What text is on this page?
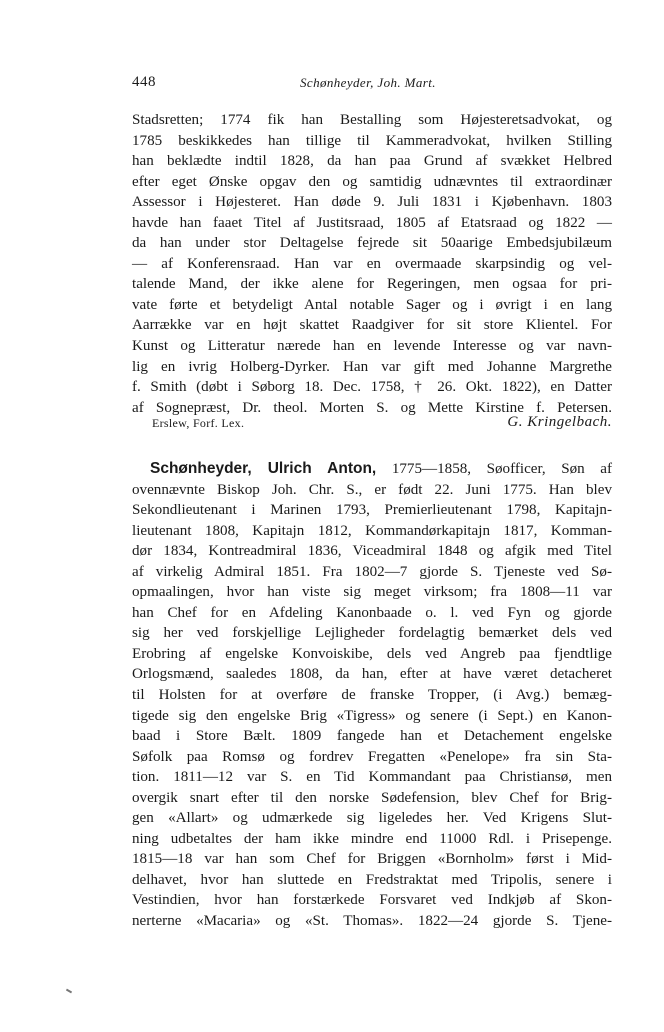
448	Schønheyder, Joh. Mart.
Stadsretten; 1774 fik han Bestalling som Højesteretsadvokat, og
1785 beskikkedes han tillige til Kammeradvokat, hvilken Stilling
han beklædte indtil 1828, da han paa Grund af svækket Helbred
efter eget Ønske opgav den og samtidig udnævntes til extraordinær
Assessor i Højesteret. Han døde 9. Juli 1831 i Kjøbenhavn. 1803
havde han faaet Titel af Justitsraad, 1805 af Etatsraad og 1822 —
da han under stor Deltagelse fejrede sit 50aarige Embedsjubilæum
— af Konferensraad. Han var en overmaade skarpsindig og vel-
talende Mand, der ikke alene for Regeringen, men ogsaa for pri-
vate førte et betydeligt Antal notable Sager og i øvrigt i en lang
Aarrække var en højt skattet Raadgiver for sit store Klientel. For
Kunst og Litteratur nærede han en levende Interesse og var navn-
lig en ivrig Holberg-Dyrker. Han var gift med Johanne Margrethe
f. Smith (døbt i Søborg 18. Dec. 1758, † 26. Okt. 1822), en Datter
af Sognepræst, Dr. theol. Morten S. og Mette Kirstine f. Petersen.
Erslew, Forf. Lex.	G. Kringelbach.
Schønheyder, Ulrich Anton, 1775—1858, Søofficer, Søn af
ovennævnte Biskop Joh. Chr. S., er født 22. Juni 1775. Han blev
Sekondlieutenant i Marinen 1793, Premierlieutenant 1798, Kapitajn-
lieutenant 1808, Kapitajn 1812, Kommandørkapitajn 1817, Komman-
dør 1834, Kontreadmiral 1836, Viceadmiral 1848 og afgik med Titel
af virkelig Admiral 1851. Fra 1802—7 gjorde S. Tjeneste ved Sø-
opmaalingen, hvor han viste sig meget virksom; fra 1808—11 var
han Chef for en Afdeling Kanonbaade o. l. ved Fyn og gjorde
sig her ved forskjellige Lejligheder fordelagtig bemærket dels ved
Erobring af engelske Konvoiskibe, dels ved Angreb paa fjendtlige
Orlogsmænd, saaledes 1808, da han, efter at have været detacheret
til Holsten for at overføre de franske Tropper, (i Avg.) bemæg-
tigede sig den engelske Brig «Tigress» og senere (i Sept.) en Kanon-
baad i Store Bælt. 1809 fangede han et Detachement engelske
Søfolk paa Romsø og fordrev Fregatten «Penelope» fra sin Sta-
tion. 1811—12 var S. en Tid Kommandant paa Christiansø, men
overgik snart efter til den norske Sødefension, blev Chef for Brig-
gen «Allart» og udmærkede sig ligeledes her. Ved Krigens Slut-
ning udbetaltes der ham ikke mindre end 11000 Rdl. i Prisepenge.
1815—18 var han som Chef for Briggen «Bornholm» først i Mid-
delhavet, hvor han sluttede en Fredstraktat med Tripolis, senere i
Vestindien, hvor han forstærkede Forsvaret ved Indkjøb af Skon-
nerterne «Macaria» og «St. Thomas». 1822—24 gjorde S. Tjene-
